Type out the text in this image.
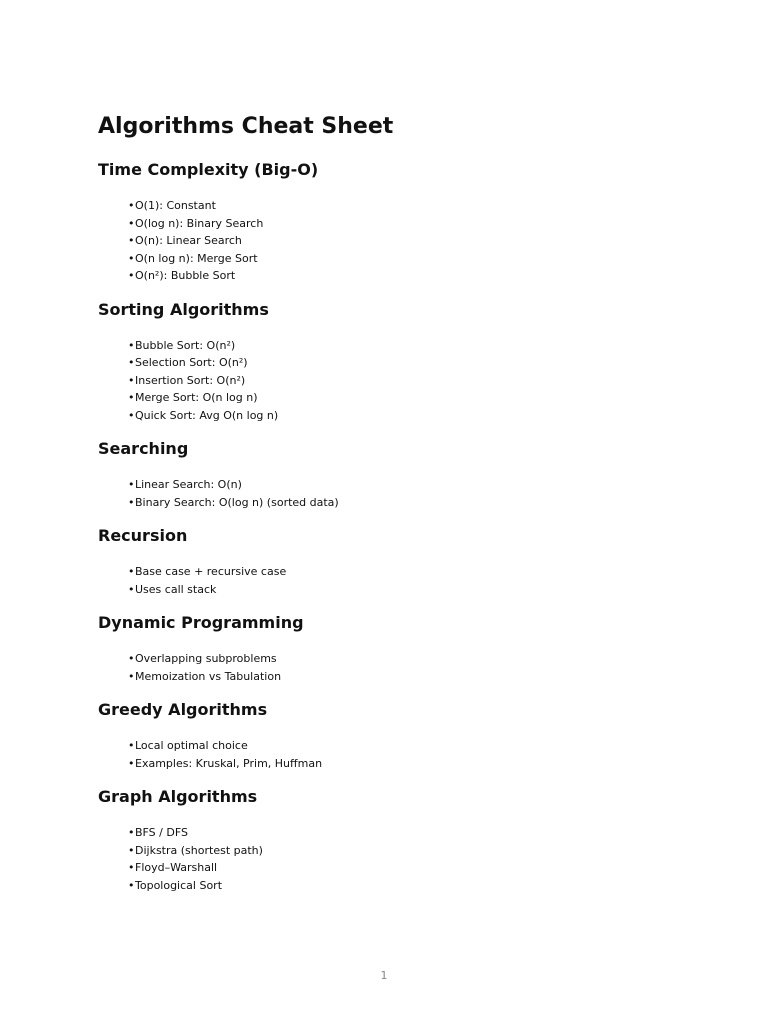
Algorithms Cheat Sheet
Time Complexity (Big-O)
•O(1): Constant
•O(log n): Binary Search
•O(n): Linear Search
•O(n log n): Merge Sort
•O(n²): Bubble Sort
Sorting Algorithms
•Bubble Sort: O(n²)
•Selection Sort: O(n²)
•Insertion Sort: O(n²)
•Merge Sort: O(n log n)
•Quick Sort: Avg O(n log n)
Searching
•Linear Search: O(n)
•Binary Search: O(log n) (sorted data)
Recursion
•Base case + recursive case
•Uses call stack
Dynamic Programming
•Overlapping subproblems
•Memoization vs Tabulation
Greedy Algorithms
•Local optimal choice
•Examples: Kruskal, Prim, Huffman
Graph Algorithms
•BFS / DFS
•Dijkstra (shortest path)
•Floyd–Warshall
•Topological Sort
1
